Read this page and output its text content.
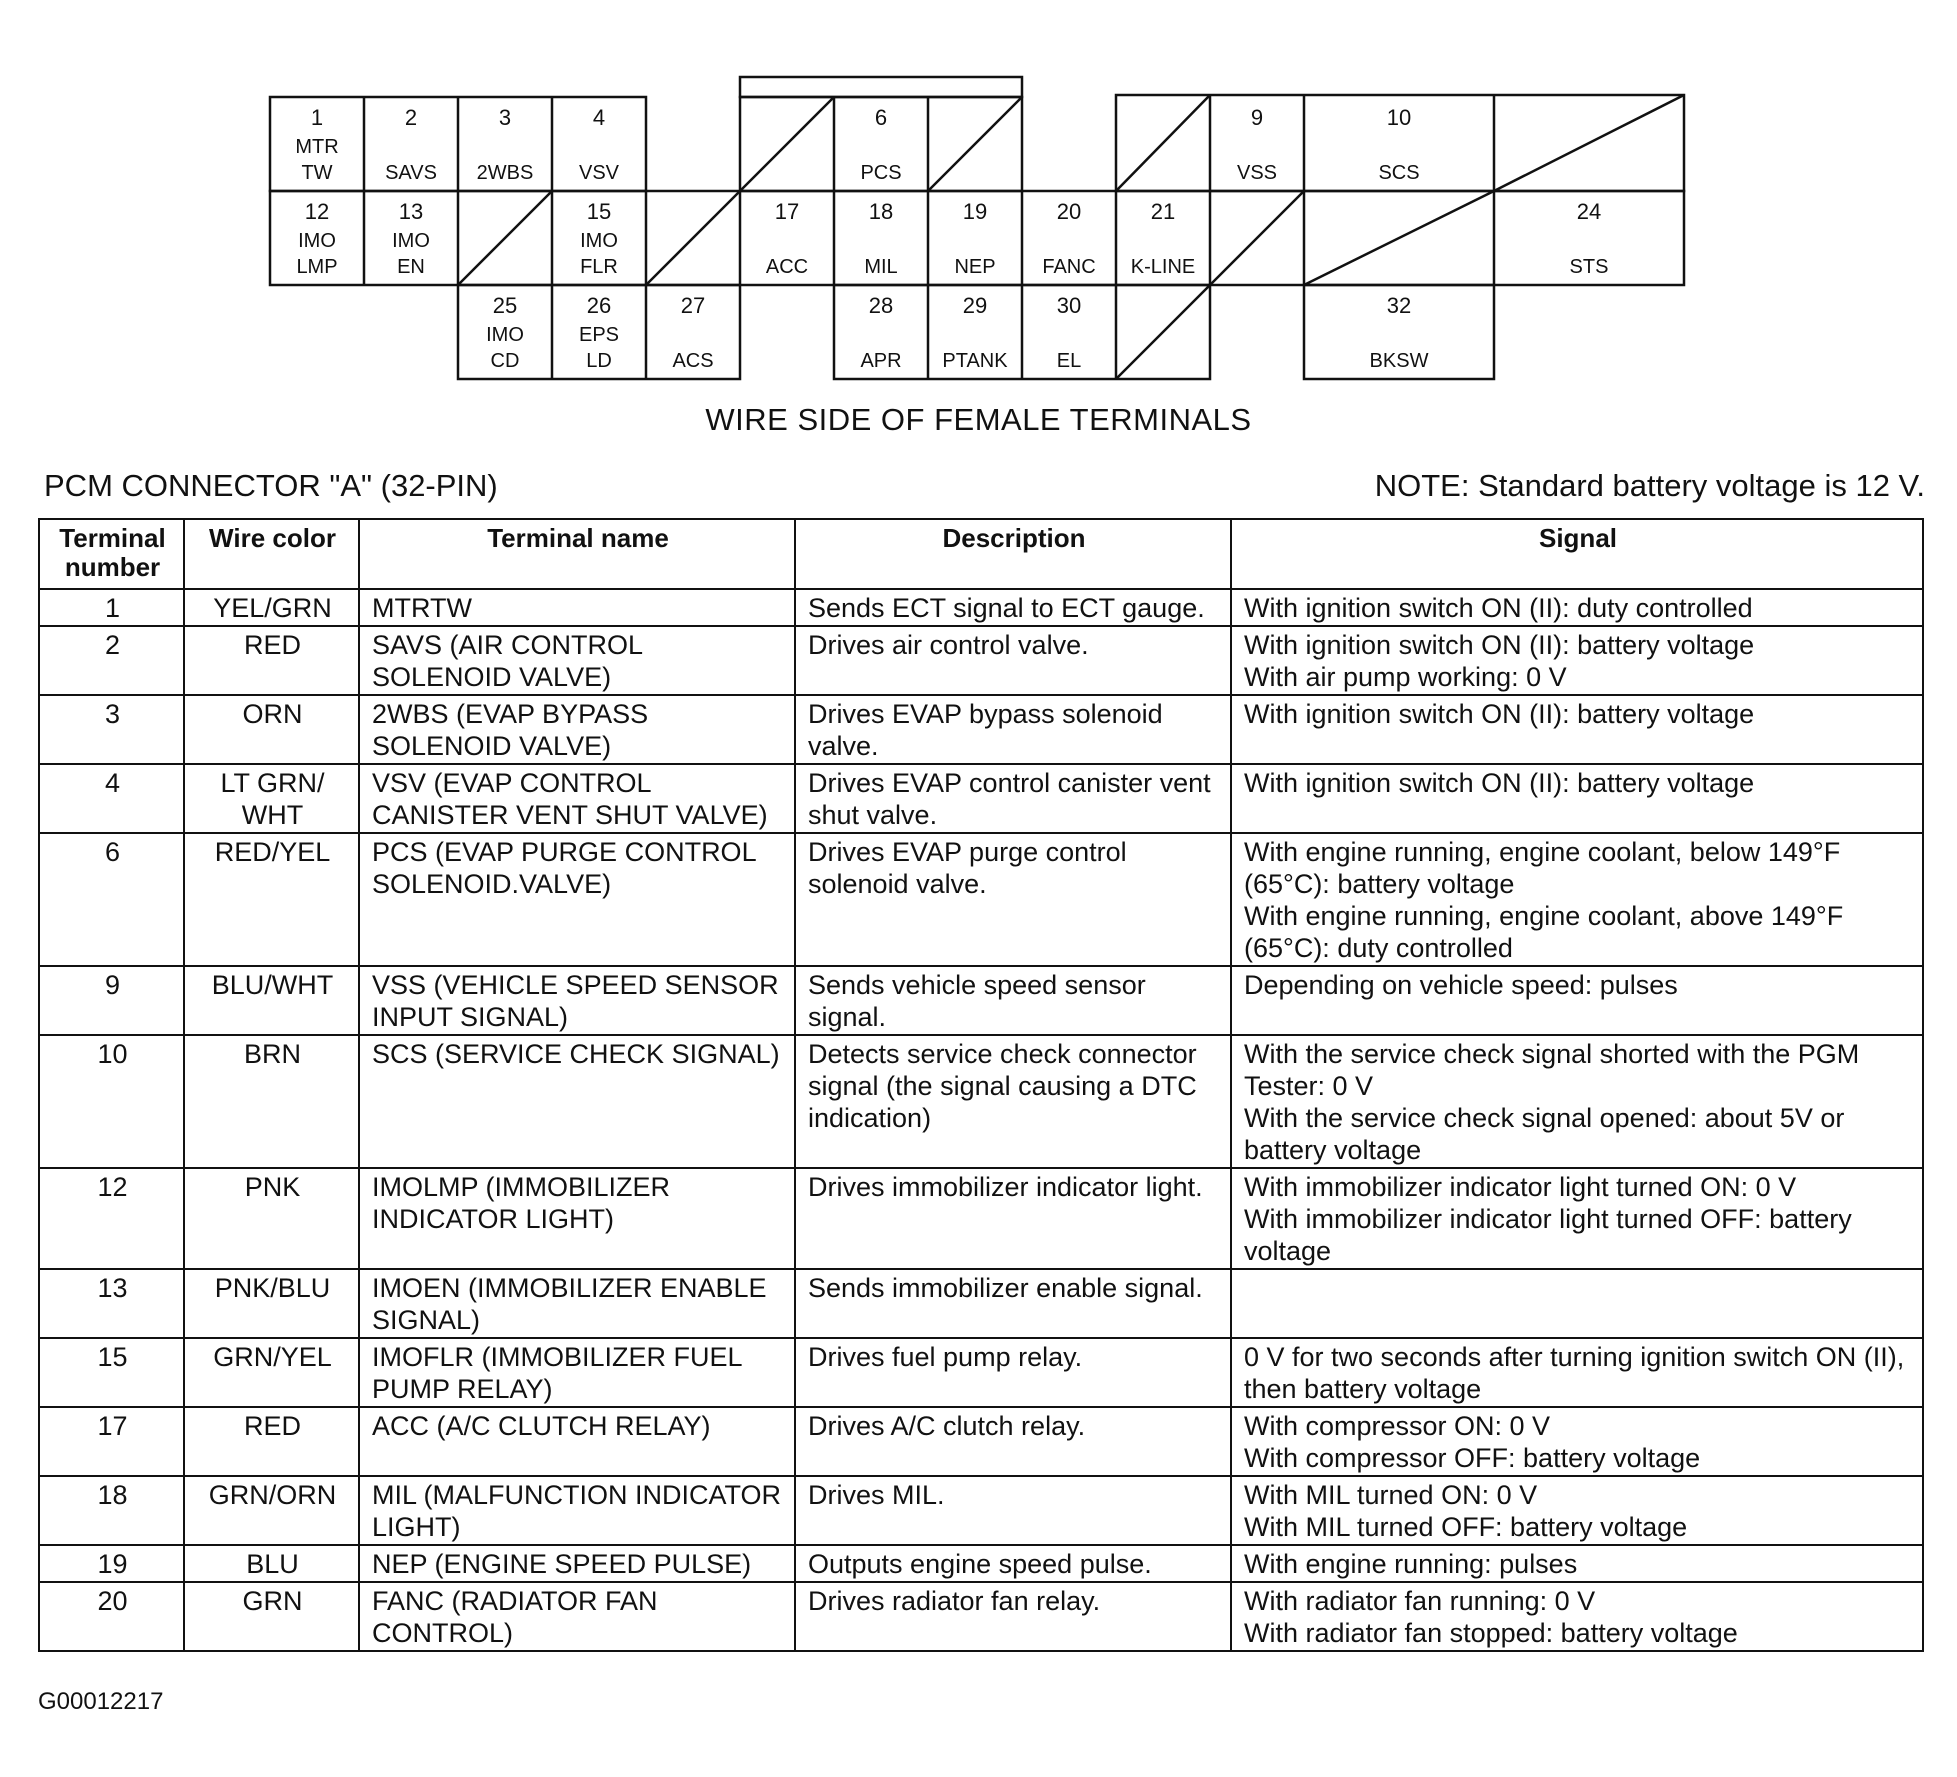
1
MTR
TW
2
SAVS
3
2WBS
4
VSV
6
PCS
9
VSS
10
SCS
12
IMO
LMP
13
IMO
EN
15
IMO
FLR
17
ACC
18
MIL
19
NEP
20
FANC
21
K-LINE
24
STS
25
IMO
CD
26
EPS
LD
27
ACS
28
APR
29
PTANK
30
EL
32
BKSW
WIRE SIDE OF FEMALE TERMINALS
PCM CONNECTOR "A" (32-PIN)	NOTE: Standard battery voltage is 12 V.
Terminal
number	Wire color	Terminal name	Description	Signal
1	YEL/GRN	MTRTW	Sends ECT signal to ECT gauge.	With ignition switch ON (II): duty controlled
2	RED	SAVS (AIR CONTROL SOLENOID VALVE)	Drives air control valve.	With ignition switch ON (II): battery voltage
With air pump working: 0 V
3	ORN	2WBS (EVAP BYPASS SOLENOID VALVE)	Drives EVAP bypass solenoid valve.	With ignition switch ON (II): battery voltage
4	LT GRN/
WHT	VSV (EVAP CONTROL CANISTER VENT SHUT VALVE)	Drives EVAP control canister vent shut valve.	With ignition switch ON (II): battery voltage
6	RED/YEL	PCS (EVAP PURGE CONTROL SOLENOID.VALVE)	Drives EVAP purge control solenoid valve.	With engine running, engine coolant, below 149°F (65°C): battery voltage
With engine running, engine coolant, above 149°F (65°C): duty controlled
9	BLU/WHT	VSS (VEHICLE SPEED SENSOR INPUT SIGNAL)	Sends vehicle speed sensor signal.	Depending on vehicle speed: pulses
10	BRN	SCS (SERVICE CHECK SIGNAL)	Detects service check connector signal (the signal causing a DTC indication)	With the service check signal shorted with the PGM Tester: 0 V
With the service check signal opened: about 5V or battery voltage
12	PNK	IMOLMP (IMMOBILIZER INDICATOR LIGHT)	Drives immobilizer indicator light.	With immobilizer indicator light turned ON: 0 V
With immobilizer indicator light turned OFF: battery voltage
13	PNK/BLU	IMOEN (IMMOBILIZER ENABLE SIGNAL)	Sends immobilizer enable signal.	
15	GRN/YEL	IMOFLR (IMMOBILIZER FUEL PUMP RELAY)	Drives fuel pump relay.	0 V for two seconds after turning ignition switch ON (II), then battery voltage
17	RED	ACC (A/C CLUTCH RELAY)	Drives A/C clutch relay.	With compressor ON: 0 V
With compressor OFF: battery voltage
18	GRN/ORN	MIL (MALFUNCTION INDICATOR LIGHT)	Drives MIL.	With MIL turned ON: 0 V
With MIL turned OFF: battery voltage
19	BLU	NEP (ENGINE SPEED PULSE)	Outputs engine speed pulse.	With engine running: pulses
20	GRN	FANC (RADIATOR FAN CONTROL)	Drives radiator fan relay.	With radiator fan running: 0 V
With radiator fan stopped: battery voltage
G00012217
